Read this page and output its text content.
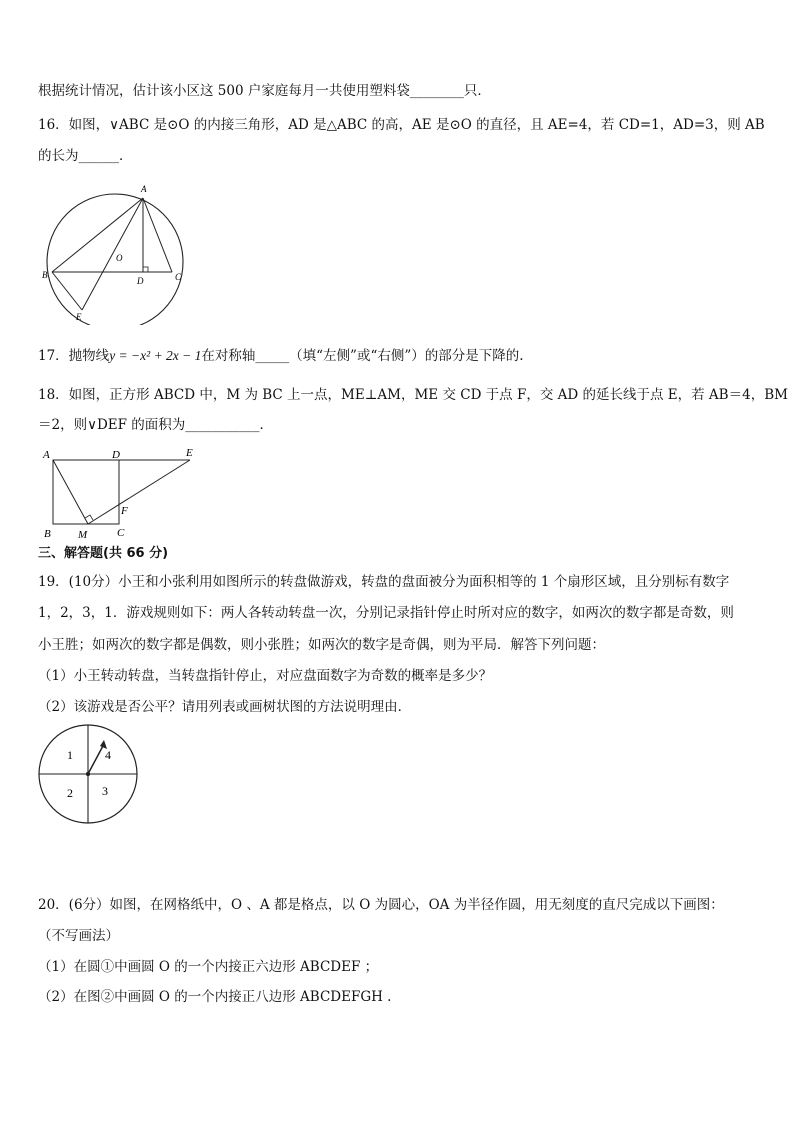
根据统计情况，估计该小区这 500 户家庭每月一共使用塑料袋________只．
16．如图，∨ABC 是⊙O 的内接三角形，AD 是△ABC 的高，AE 是⊙O 的直径，且 AE=4，若 CD=1，AD=3，则 AB
的长为______．
A
O
B
D	C
E
17．抛物线y = −x² + 2x − 1在对称轴_____（填“左侧”或“右侧”）的部分是下降的.
18．如图，正方形 ABCD 中，M 为 BC 上一点，ME⊥AM，ME 交 CD 于点 F，交 AD 的延长线于点 E，若 AB＝4，BM
＝2，则∨DEF 的面积为___________．
A	D	E
F
B M	C
三、解答题(共 66 分)
19．(10分）小王和小张利用如图所示的转盘做游戏，转盘的盘面被分为面积相等的 1 个扇形区域，且分别标有数字
1，2，3，1．游戏规则如下：两人各转动转盘一次，分别记录指针停止时所对应的数字，如两次的数字都是奇数，则
小王胜；如两次的数字都是偶数，则小张胜；如两次的数字是奇偶，则为平局．解答下列问题：
（1）小王转动转盘，当转盘指针停止，对应盘面数字为奇数的概率是多少？
（2）该游戏是否公平？请用列表或画树状图的方法说明理由．
1	4
2 3
20．(6分）如图，在网格纸中，O 、A 都是格点，以 O 为圆心，OA 为半径作圆，用无刻度的直尺完成以下画图：
（不写画法）
（1）在圆①中画圆 O 的一个内接正六边形 ABCDEF ；
（2）在图②中画圆 O 的一个内接正八边形 ABCDEFGH .
